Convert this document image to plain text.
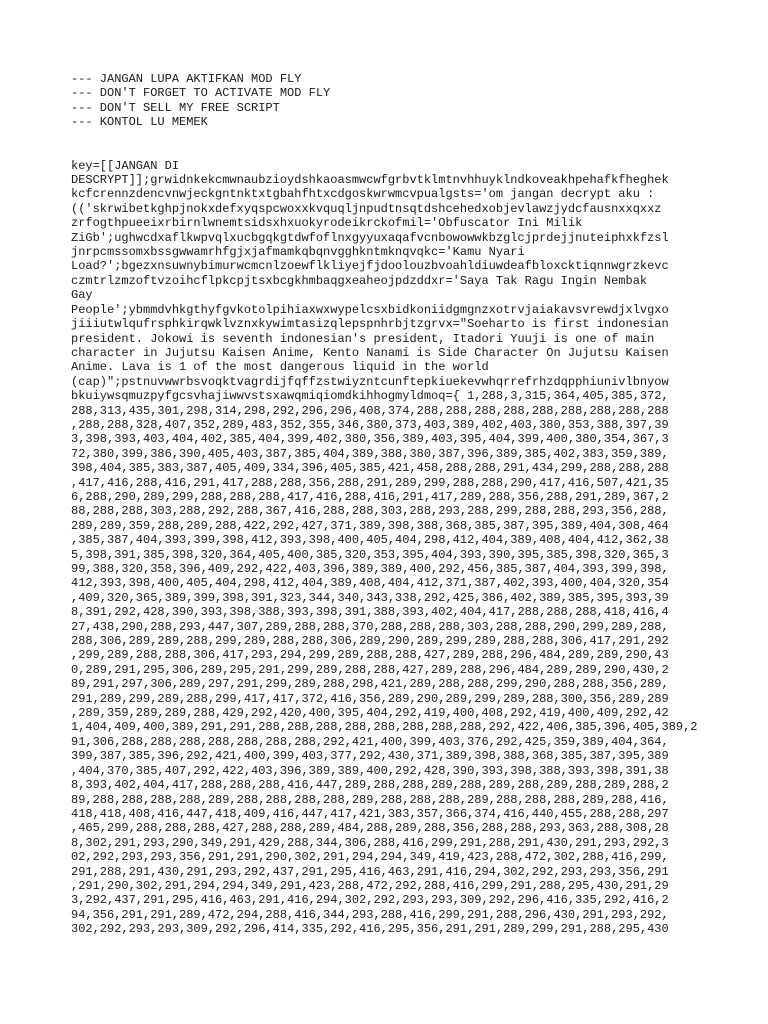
--- JANGAN LUPA AKTIFKAN MOD FLY

--- DON'T FORGET TO ACTIVATE MOD FLY

--- DON'T SELL MY FREE SCRIPT

--- KONTOL LU MEMEK

key=[[JANGAN DI

DESCRYPT]];grwidnkekcmwnaubzioydshkaoasmwcwfgrbvtklmtnvhhuyklndkoveakhpehafkfheghek

kcfcrennzdencvnwjeckgntnktxtgbahfhtxcdgoskwrwmcvpualgsts='om jangan decrypt aku :

(('skrwibetkghpjnokxdefxyqspcwoxxkvquqljnpudtnsqtdshcehedxobjevlawzjydcfausnxxqxxz

zrfogthpueeixrbirnlwnemtsidsxhxuokyrodeikrckofmil='Obfuscator Ini Milik

ZiGb';ughwcdxaflkwpvqlxucbgqkgtdwfoflnxgyyuxaqafvcnbowowwkbzglcjprdejjnuteiphxkfzsl

jnrpcmssomxbssgwwamrhfgjxjafmamkqbqnvgghkntmknqvqkc='Kamu Nyari

Load?';bgezxnsuwnybimurwcmcnlzoewflkliyejfjdoolouzbvoahldiuwdeafbloxcktiqnnwgrzkevc

czmtrlzmzoftvzoihcflpkcpjtsxbcgkhmbaqgxeaheojpdzddxr='Saya Tak Ragu Ingin Nembak

Gay

People';ybmmdvhkgthyfgvkotolpihiaxwxwypelcsxbidkoniidgmgnzxotrvjaiakavsvrewdjxlvgxo

jiiiutwlqufrsphkirqwklvznxkywimtasizqlepspnhrbjtzgrvx="Soeharto is first indonesian

president. Jokowi is seventh indonesian's president, Itadori Yuuji is one of main

character in Jujutsu Kaisen Anime, Kento Nanami is Side Character On Jujutsu Kaisen

Anime. Lava is 1 of the most dangerous liquid in the world

(cap)";pstnuvwwrbsvoqktvagrdijfqffzstwiyzntcunftepkiuekevwhqrrefrhzdqpphiunivlbnyow

bkuiywsqmuzpyfgcsvhajiwwvstsxawqmiqiomdkihhogmyldmoq={ 1,288,3,315,364,405,385,372,

288,313,435,301,298,314,298,292,296,296,408,374,288,288,288,288,288,288,288,288,288

,288,288,328,407,352,289,483,352,355,346,380,373,403,389,402,403,380,353,388,397,39

3,398,393,403,404,402,385,404,399,402,380,356,389,403,395,404,399,400,380,354,367,3

72,380,399,386,390,405,403,387,385,404,389,388,380,387,396,389,385,402,383,359,389,

398,404,385,383,387,405,409,334,396,405,385,421,458,288,288,291,434,299,288,288,288

,417,416,288,416,291,417,288,288,356,288,291,289,299,288,288,290,417,416,507,421,35

6,288,290,289,299,288,288,288,417,416,288,416,291,417,289,288,356,288,291,289,367,2

88,288,288,303,288,292,288,367,416,288,288,303,288,293,288,299,288,288,293,356,288,

289,289,359,288,289,288,422,292,427,371,389,398,388,368,385,387,395,389,404,308,464

,385,387,404,393,399,398,412,393,398,400,405,404,298,412,404,389,408,404,412,362,38

5,398,391,385,398,320,364,405,400,385,320,353,395,404,393,390,395,385,398,320,365,3

99,388,320,358,396,409,292,422,403,396,389,389,400,292,456,385,387,404,393,399,398,

412,393,398,400,405,404,298,412,404,389,408,404,412,371,387,402,393,400,404,320,354

,409,320,365,389,399,398,391,323,344,340,343,338,292,425,386,402,389,385,395,393,39

8,391,292,428,390,393,398,388,393,398,391,388,393,402,404,417,288,288,288,418,416,4

27,438,290,288,293,447,307,289,288,288,370,288,288,288,303,288,288,290,299,289,288,

288,306,289,289,288,299,289,288,288,306,289,290,289,299,289,288,288,306,417,291,292

,299,289,288,288,306,417,293,294,299,289,288,288,427,289,288,296,484,289,289,290,43

0,289,291,295,306,289,295,291,299,289,288,288,427,289,288,296,484,289,289,290,430,2

89,291,297,306,289,297,291,299,289,288,298,421,289,288,288,299,290,288,288,356,289,

291,289,299,289,288,299,417,417,372,416,356,289,290,289,299,289,288,300,356,289,289

,289,359,289,289,288,429,292,420,400,395,404,292,419,400,408,292,419,400,409,292,42

1,404,409,400,389,291,291,288,288,288,288,288,288,288,288,292,422,406,385,396,405,389,2

91,306,288,288,288,288,288,288,288,292,421,400,399,403,376,292,425,359,389,404,364,

399,387,385,396,292,421,400,399,403,377,292,430,371,389,398,388,368,385,387,395,389

,404,370,385,407,292,422,403,396,389,389,400,292,428,390,393,398,388,393,398,391,38

8,393,402,404,417,288,288,288,416,447,289,288,288,289,288,289,288,289,288,289,288,2

89,288,288,288,288,289,288,288,288,288,289,288,288,288,289,288,288,288,289,288,416,

418,418,408,416,447,418,409,416,447,417,421,383,357,366,374,416,440,455,288,288,297

,465,299,288,288,288,427,288,288,289,484,288,289,288,356,288,288,293,363,288,308,28

8,302,291,293,290,349,291,429,288,344,306,288,416,299,291,288,291,430,291,293,292,3

02,292,293,293,356,291,291,290,302,291,294,294,349,419,423,288,472,302,288,416,299,

291,288,291,430,291,293,292,437,291,295,416,463,291,416,294,302,292,293,293,356,291

,291,290,302,291,294,294,349,291,423,288,472,292,288,416,299,291,288,295,430,291,29

3,292,437,291,295,416,463,291,416,294,302,292,293,293,309,292,296,416,335,292,416,2

94,356,291,291,289,472,294,288,416,344,293,288,416,299,291,288,296,430,291,293,292,

302,292,293,293,309,292,296,414,335,292,416,295,356,291,291,289,299,291,288,295,430
